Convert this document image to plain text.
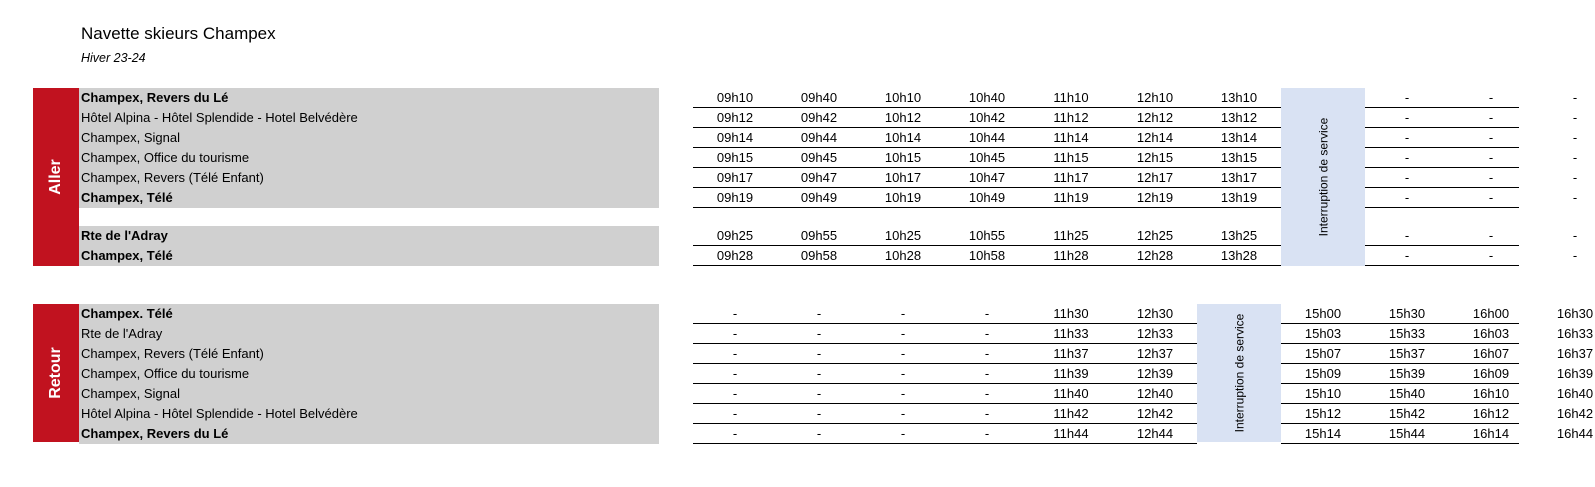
Navette skieurs Champex
Hiver 23-24
Aller	Interruption de service
Champex, Revers du Lé	09h10	09h40	10h10	10h40	11h10	12h10	13h10	-	-	-
Hôtel Alpina - Hôtel Splendide - Hotel Belvédère	09h12	09h42	10h12	10h42	11h12	12h12	13h12	-	-	-
Champex, Signal	09h14	09h44	10h14	10h44	11h14	12h14	13h14	-	-	-
Champex, Office du tourisme	09h15	09h45	10h15	10h45	11h15	12h15	13h15	-	-	-
Champex, Revers (Télé Enfant)	09h17	09h47	10h17	10h47	11h17	12h17	13h17	-	-	-
Champex, Télé	09h19	09h49	10h19	10h49	11h19	12h19	13h19	-	-	-
Rte de l'Adray	09h25	09h55	10h25	10h55	11h25	12h25	13h25	-	-	-
Champex, Télé	09h28	09h58	10h28	10h58	11h28	12h28	13h28	-	-	-
Retour	Interruption de service
Champex. Télé	-	-	-	-	11h30	12h30	15h00	15h30	16h00	16h30
Rte de l'Adray	-	-	-	-	11h33	12h33	15h03	15h33	16h03	16h33
Champex, Revers (Télé Enfant)	-	-	-	-	11h37	12h37	15h07	15h37	16h07	16h37
Champex, Office du tourisme	-	-	-	-	11h39	12h39	15h09	15h39	16h09	16h39
Champex, Signal	-	-	-	-	11h40	12h40	15h10	15h40	16h10	16h40
Hôtel Alpina - Hôtel Splendide - Hotel Belvédère	-	-	-	-	11h42	12h42	15h12	15h42	16h12	16h42
Champex, Revers du Lé	-	-	-	-	11h44	12h44	15h14	15h44	16h14	16h44
